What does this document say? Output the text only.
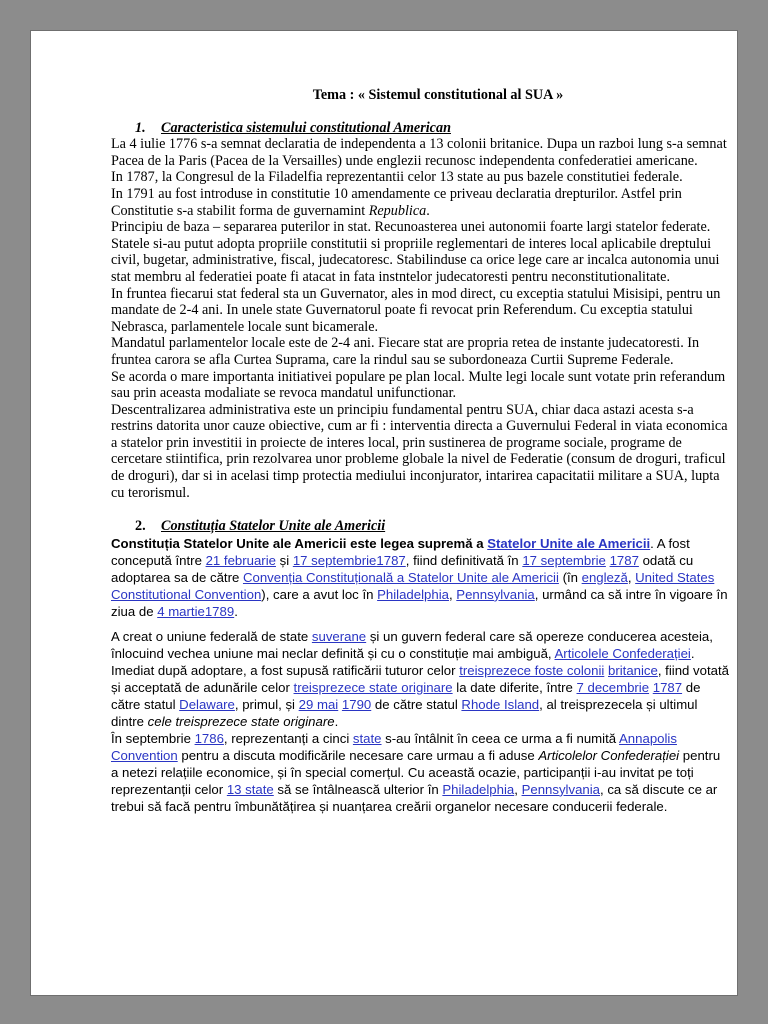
Tema : « Sistemul constitutional al SUA »

1. Caracteristica sistemului constitutional American

La 4 iulie 1776 s-a semnat declaratia de independenta a 13 colonii britanice. Dupa un razboi lung s-a semnat Pacea de la Paris (Pacea de la Versailles) unde englezii recunosc independenta confederatiei americane.

In 1787, la Congresul de la Filadelfia reprezentantii celor 13 state au pus bazele constitutiei federale.

In 1791 au fost introduse in constitutie 10 amendamente ce priveau declaratia drepturilor. Astfel prin Constitutie s-a stabilit forma de guvernamint Republica.

Principiu de baza – separarea puterilor in stat. Recunoasterea unei autonomii foarte largi statelor federate. Statele si-au putut adopta propriile constitutii si propriile reglementari de interes local aplicabile dreptului civil, bugetar, administrative, fiscal, judecatoresc. Stabilinduse ca orice lege care ar incalca autonomia unui stat membru al federatiei poate fi atacat in fata instntelor judecatoresti pentru neconstitutionalitate.

In fruntea fiecarui stat federal sta un Guvernator, ales in mod direct, cu exceptia statului Misisipi, pentru un mandate de 2-4 ani. In unele state Guvernatorul poate fi revocat prin Referendum. Cu exceptia statului Nebrasca, parlamentele locale sunt bicamerale.

Mandatul parlamentelor locale este de 2-4 ani. Fiecare stat are propria retea de instante judecatoresti. In fruntea carora se afla Curtea Suprama, care la rindul sau se subordoneaza Curtii Supreme Federale.

Se acorda o mare importanta initiativei populare pe plan local. Multe legi locale sunt votate prin referandum sau prin aceasta modaliate se revoca mandatul unifunctionar.

Descentralizarea administrativa este un principiu fundamental pentru SUA, chiar daca astazi acesta s-a restrins datorita unor cauze obiective, cum ar fi : interventia directa a Guvernului Federal in viata economica a statelor prin investitii in proiecte de interes local, prin sustinerea de programe sociale, programe de cercetare stiintifica, prin rezolvarea unor probleme globale la nivel de Federatie (consum de droguri, traficul de droguri), dar si in acelasi timp protectia mediului inconjurator, intarirea capacitatii militare a SUA, lupta cu terorismul.

2. Constituția Statelor Unite ale Americii

Constituția Statelor Unite ale Americii este legea supremă a Statelor Unite ale Americii. A fost concepută între 21 februarie și 17 septembrie1787, fiind definitivată în 17 septembrie 1787 odată cu adoptarea sa de către Convenția Constituțională a Statelor Unite ale Americii (în engleză, United States Constitutional Convention), care a avut loc în Philadelphia, Pennsylvania, urmând ca să intre în vigoare în ziua de 4 martie1789.

A creat o uniune federală de state suverane și un guvern federal care să opereze conducerea acesteia, înlocuind vechea uniune mai neclar definită și cu o constituție mai ambiguă, Articolele Confederației.

Imediat după adoptare, a fost supusă ratificării tuturor celor treisprezece foste colonii britanice, fiind votată și acceptată de adunările celor treisprezece state originare la date diferite, între 7 decembrie 1787 de către statul Delaware, primul, și 29 mai 1790 de către statul Rhode Island, al treisprezecela și ultimul dintre cele treisprezece state originare.

În septembrie 1786, reprezentanți a cinci state s-au întâlnit în ceea ce urma a fi numită Annapolis Convention pentru a discuta modificările necesare care urmau a fi aduse Articolelor Confederației pentru a netezi relațiile economice, și în special comerțul. Cu această ocazie, participanții i-au invitat pe toți reprezentanții celor 13 state să se întâlnească ulterior în Philadelphia, Pennsylvania, ca să discute ce ar trebui să facă pentru îmbunătățirea și nuanțarea creării organelor necesare conducerii federale.
